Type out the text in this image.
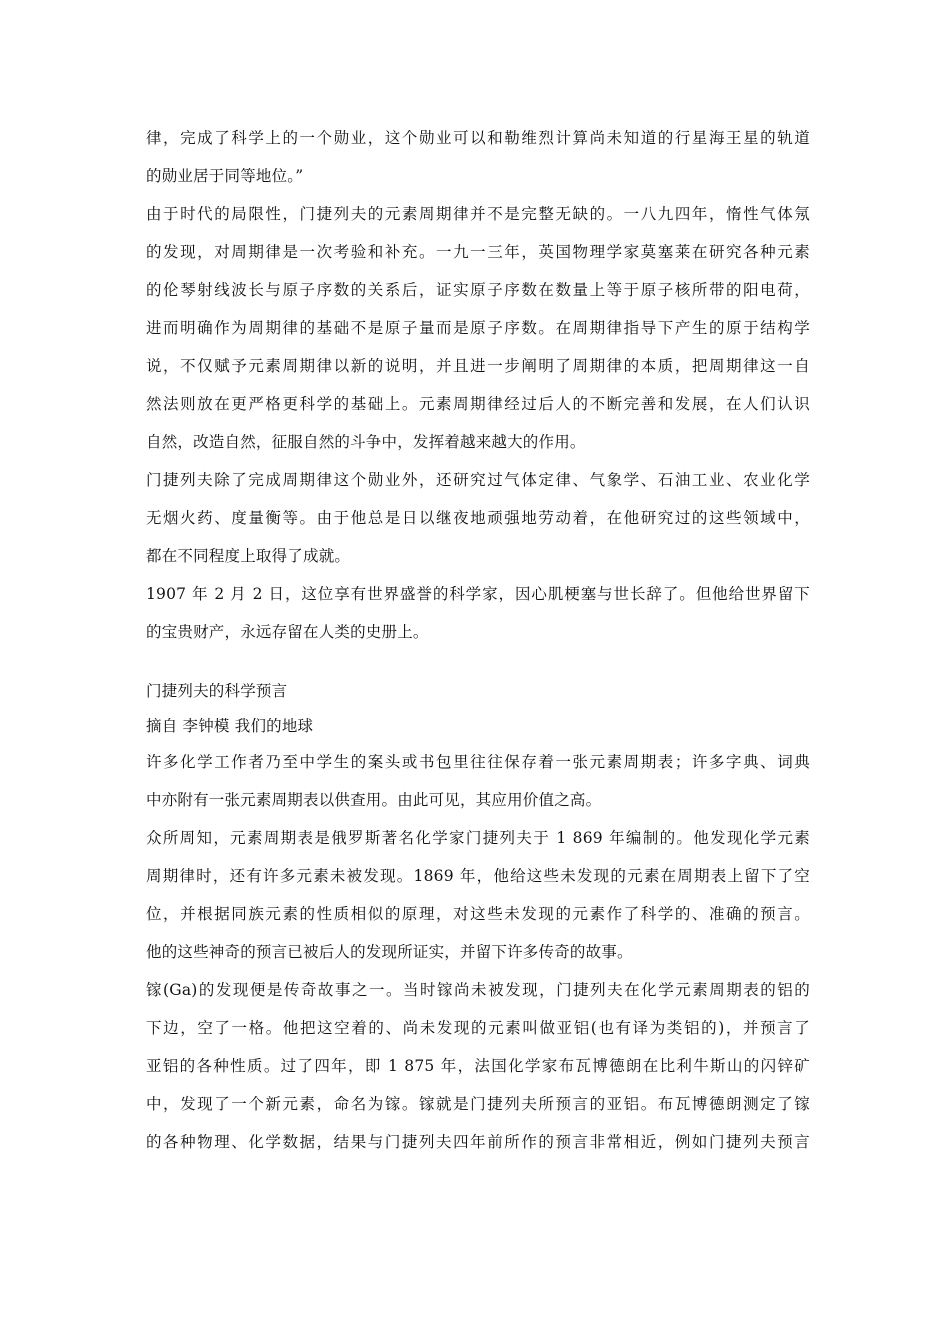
律，完成了科学上的一个勋业，这个勋业可以和勒维烈计算尚未知道的行星海王星的轨道
的勋业居于同等地位。”
由于时代的局限性，门捷列夫的元素周期律并不是完整无缺的。一八九四年，惰性气体氖
的发现，对周期律是一次考验和补充。一九一三年，英国物理学家莫塞莱在研究各种元素
的伦琴射线波长与原子序数的关系后，证实原子序数在数量上等于原子核所带的阳电荷，
进而明确作为周期律的基础不是原子量而是原子序数。在周期律指导下产生的原于结构学
说，不仅赋予元素周期律以新的说明，并且进一步阐明了周期律的本质，把周期律这一自
然法则放在更严格更科学的基础上。元素周期律经过后人的不断完善和发展，在人们认识
自然，改造自然，征服自然的斗争中，发挥着越来越大的作用。
门捷列夫除了完成周期律这个勋业外，还研究过气体定律、气象学、石油工业、农业化学
无烟火药、度量衡等。由于他总是日以继夜地顽强地劳动着，在他研究过的这些领域中，
都在不同程度上取得了成就。
1907 年 2 月 2 日，这位享有世界盛誉的科学家，因心肌梗塞与世长辞了。但他给世界留下
的宝贵财产，永远存留在人类的史册上。
门捷列夫的科学预言
摘自 李钟模 我们的地球
许多化学工作者乃至中学生的案头或书包里往往保存着一张元素周期表；许多字典、词典
中亦附有一张元素周期表以供查用。由此可见，其应用价值之高。
众所周知，元素周期表是俄罗斯著名化学家门捷列夫于 1 869 年编制的。他发现化学元素
周期律时，还有许多元素未被发现。1869 年，他给这些未发现的元素在周期表上留下了空
位，并根据同族元素的性质相似的原理，对这些未发现的元素作了科学的、准确的预言。
他的这些神奇的预言已被后人的发现所证实，并留下许多传奇的故事。
镓(Ga)的发现便是传奇故事之一。当时镓尚未被发现，门捷列夫在化学元素周期表的铝的
下边，空了一格。他把这空着的、尚未发现的元素叫做亚铝(也有译为类铝的)，并预言了
亚铝的各种性质。过了四年，即 1 875 年，法国化学家布瓦博德朗在比利牛斯山的闪锌矿
中，发现了一个新元素，命名为镓。镓就是门捷列夫所预言的亚铝。布瓦博德朗测定了镓
的各种物理、化学数据，结果与门捷列夫四年前所作的预言非常相近，例如门捷列夫预言
